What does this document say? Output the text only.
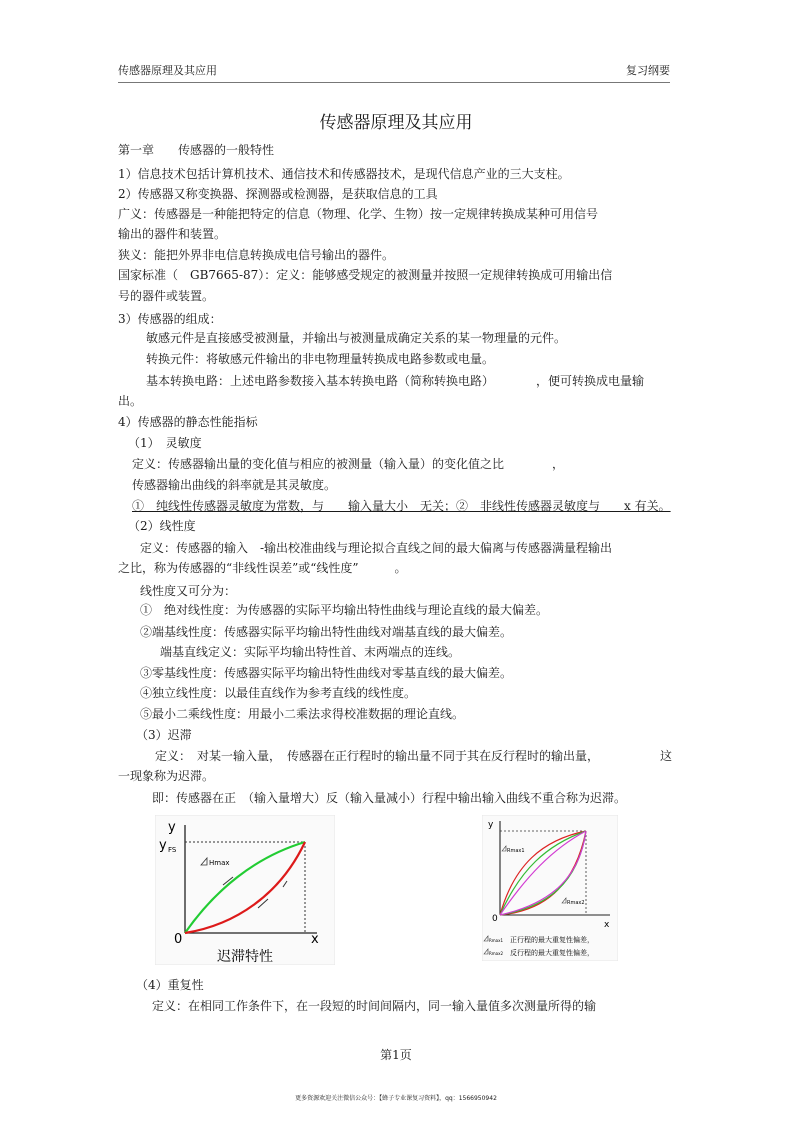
传感器原理及其应用	复习纲要
传感器原理及其应用
第一章　　传感器的一般特性
1）信息技术包括计算机技术、通信技术和传感器技术，是现代信息产业的三大支柱。
2）传感器又称变换器、探测器或检测器，是获取信息的工具
广义：传感器是一种能把特定的信息（物理、化学、生物）按一定规律转换成某种可用信号
输出的器件和装置。
狭义：能把外界非电信息转换成电信号输出的器件。
国家标准（　GB7665-87）：定义：能够感受规定的被测量并按照一定规律转换成可用输出信
号的器件或装置。
3）传感器的组成：
敏感元件是直接感受被测量，并输出与被测量成确定关系的某一物理量的元件。
转换元件：将敏感元件输出的非电物理量转换成电路参数或电量。
基本转换电路：上述电路参数接入基本转换电路（简称转换电路）　　　　，便可转换成电量输
出。
4）传感器的静态性能指标
（1）　灵敏度
定义：传感器输出量的变化值与相应的被测量（输入量）的变化值之比　　　　，
传感器输出曲线的斜率就是其灵敏度。
①　纯线性传感器灵敏度为常数，与　　输入量大小　无关；②　非线性传感器灵敏度与　　x 有关。
（2）线性度
定义：传感器的输入　-输出校准曲线与理论拟合直线之间的最大偏离与传感器满量程输出
之比，称为传感器的“非线性误差”或“线性度”　　　。
线性度又可分为：
①　绝对线性度：为传感器的实际平均输出特性曲线与理论直线的最大偏差。
②端基线性度：传感器实际平均输出特性曲线对端基直线的最大偏差。
端基直线定义：实际平均输出特性首、末两端点的连线。
③零基线性度：传感器实际平均输出特性曲线对零基直线的最大偏差。
④独立线性度：以最佳直线作为参考直线的线性度。
⑤最小二乘线性度：用最小二乘法求得校准数据的理论直线。
（3）迟滞
定义：　对某一输入量，　传感器在正行程时的输出量不同于其在反行程时的输出量，	这
一现象称为迟滞。
即：传感器在正　（输入量增大）反（输入量减小）行程中输出输入曲线不重合称为迟滞。
y
y FS
Hmax
0	x
迟滞特性
y
0
x
Rmax1
Rmax2
Rmax1 正行程的最大重复性偏差，
Rmax2 反行程的最大重复性偏差，
（4）重复性
定义：在相同工作条件下，在一段短的时间间隔内，同一输入量值多次测量所得的输
第1页
更多资源欢迎关注微信公众号：【蜂子专业课复习资料】，qq：156695094​2
